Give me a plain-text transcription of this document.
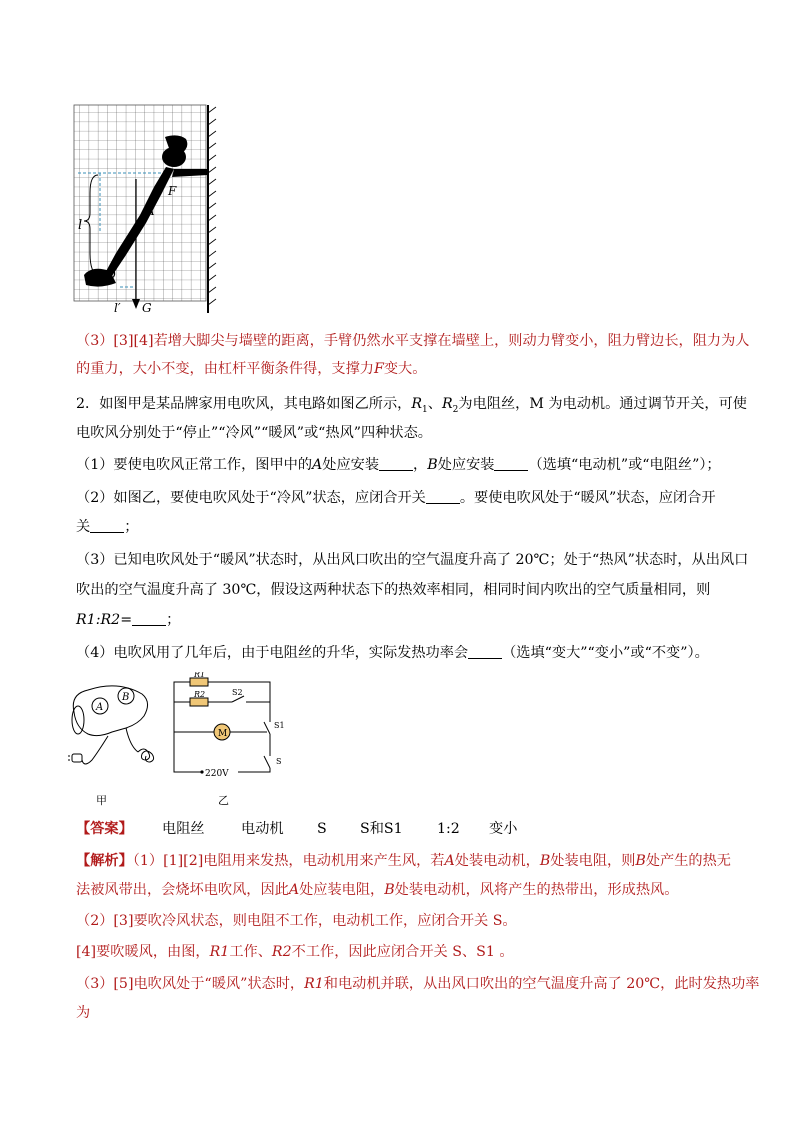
l
F
A
O
l′ G
（3）[3][4]若增大脚尖与墙壁的距离，手臂仍然水平支撑在墙壁上，则动力臂变小，阻力臂边长，阻力为人
的重力，大小不变，由杠杆平衡条件得，支撑力F变大。
2．如图甲是某品牌家用电吹风，其电路如图乙所示，$R_1$、$R_2$为电阻丝，M 为电动机。通过调节开关，可使
电吹风分别处于“停止”“冷风”“暖风”或“热风”四种状态。
（1）要使电吹风正常工作，图甲中的A处应安装 ，B处应安装 （选填“电动机”或“电阻丝”）；
（2）如图乙，要使电吹风处于“冷风”状态，应闭合开关 。要使电吹风处于“暖风”状态，应闭合开
关 ；
（3）已知电吹风处于“暖风”状态时，从出风口吹出的空气温度升高了 20℃；处于“热风”状态时，从出风口
吹出的空气温度升高了 30℃，假设这两种状态下的热效率相同，相同时间内吹出的空气质量相同，则
R1:R2= ；
（4）电吹风用了几年后，由于电阻丝的升华，实际发热功率会 （选填“变大”“变小”或“不变”）。
A
B
甲
220V
R1
R2	S2
S1
S
M
乙
【答案】 电阻丝	电动机 S S和S1 1:2 变小
【解析】（1）[1][2]电阻用来发热，电动机用来产生风，若A处装电动机，B处装电阻，则B处产生的热无
法被风带出，会烧坏电吹风，因此A处应装电阻，B处装电动机，风将产生的热带出，形成热风。
（2）[3]要吹冷风状态，则电阻不工作，电动机工作，应闭合开关 S。
[4]要吹暖风，由图，R1工作、R2不工作，因此应闭合开关 S、S1 。
（3）[5]电吹风处于“暖风”状态时，R1和电动机并联，从出风口吹出的空气温度升高了 20℃，此时发热功率
为
